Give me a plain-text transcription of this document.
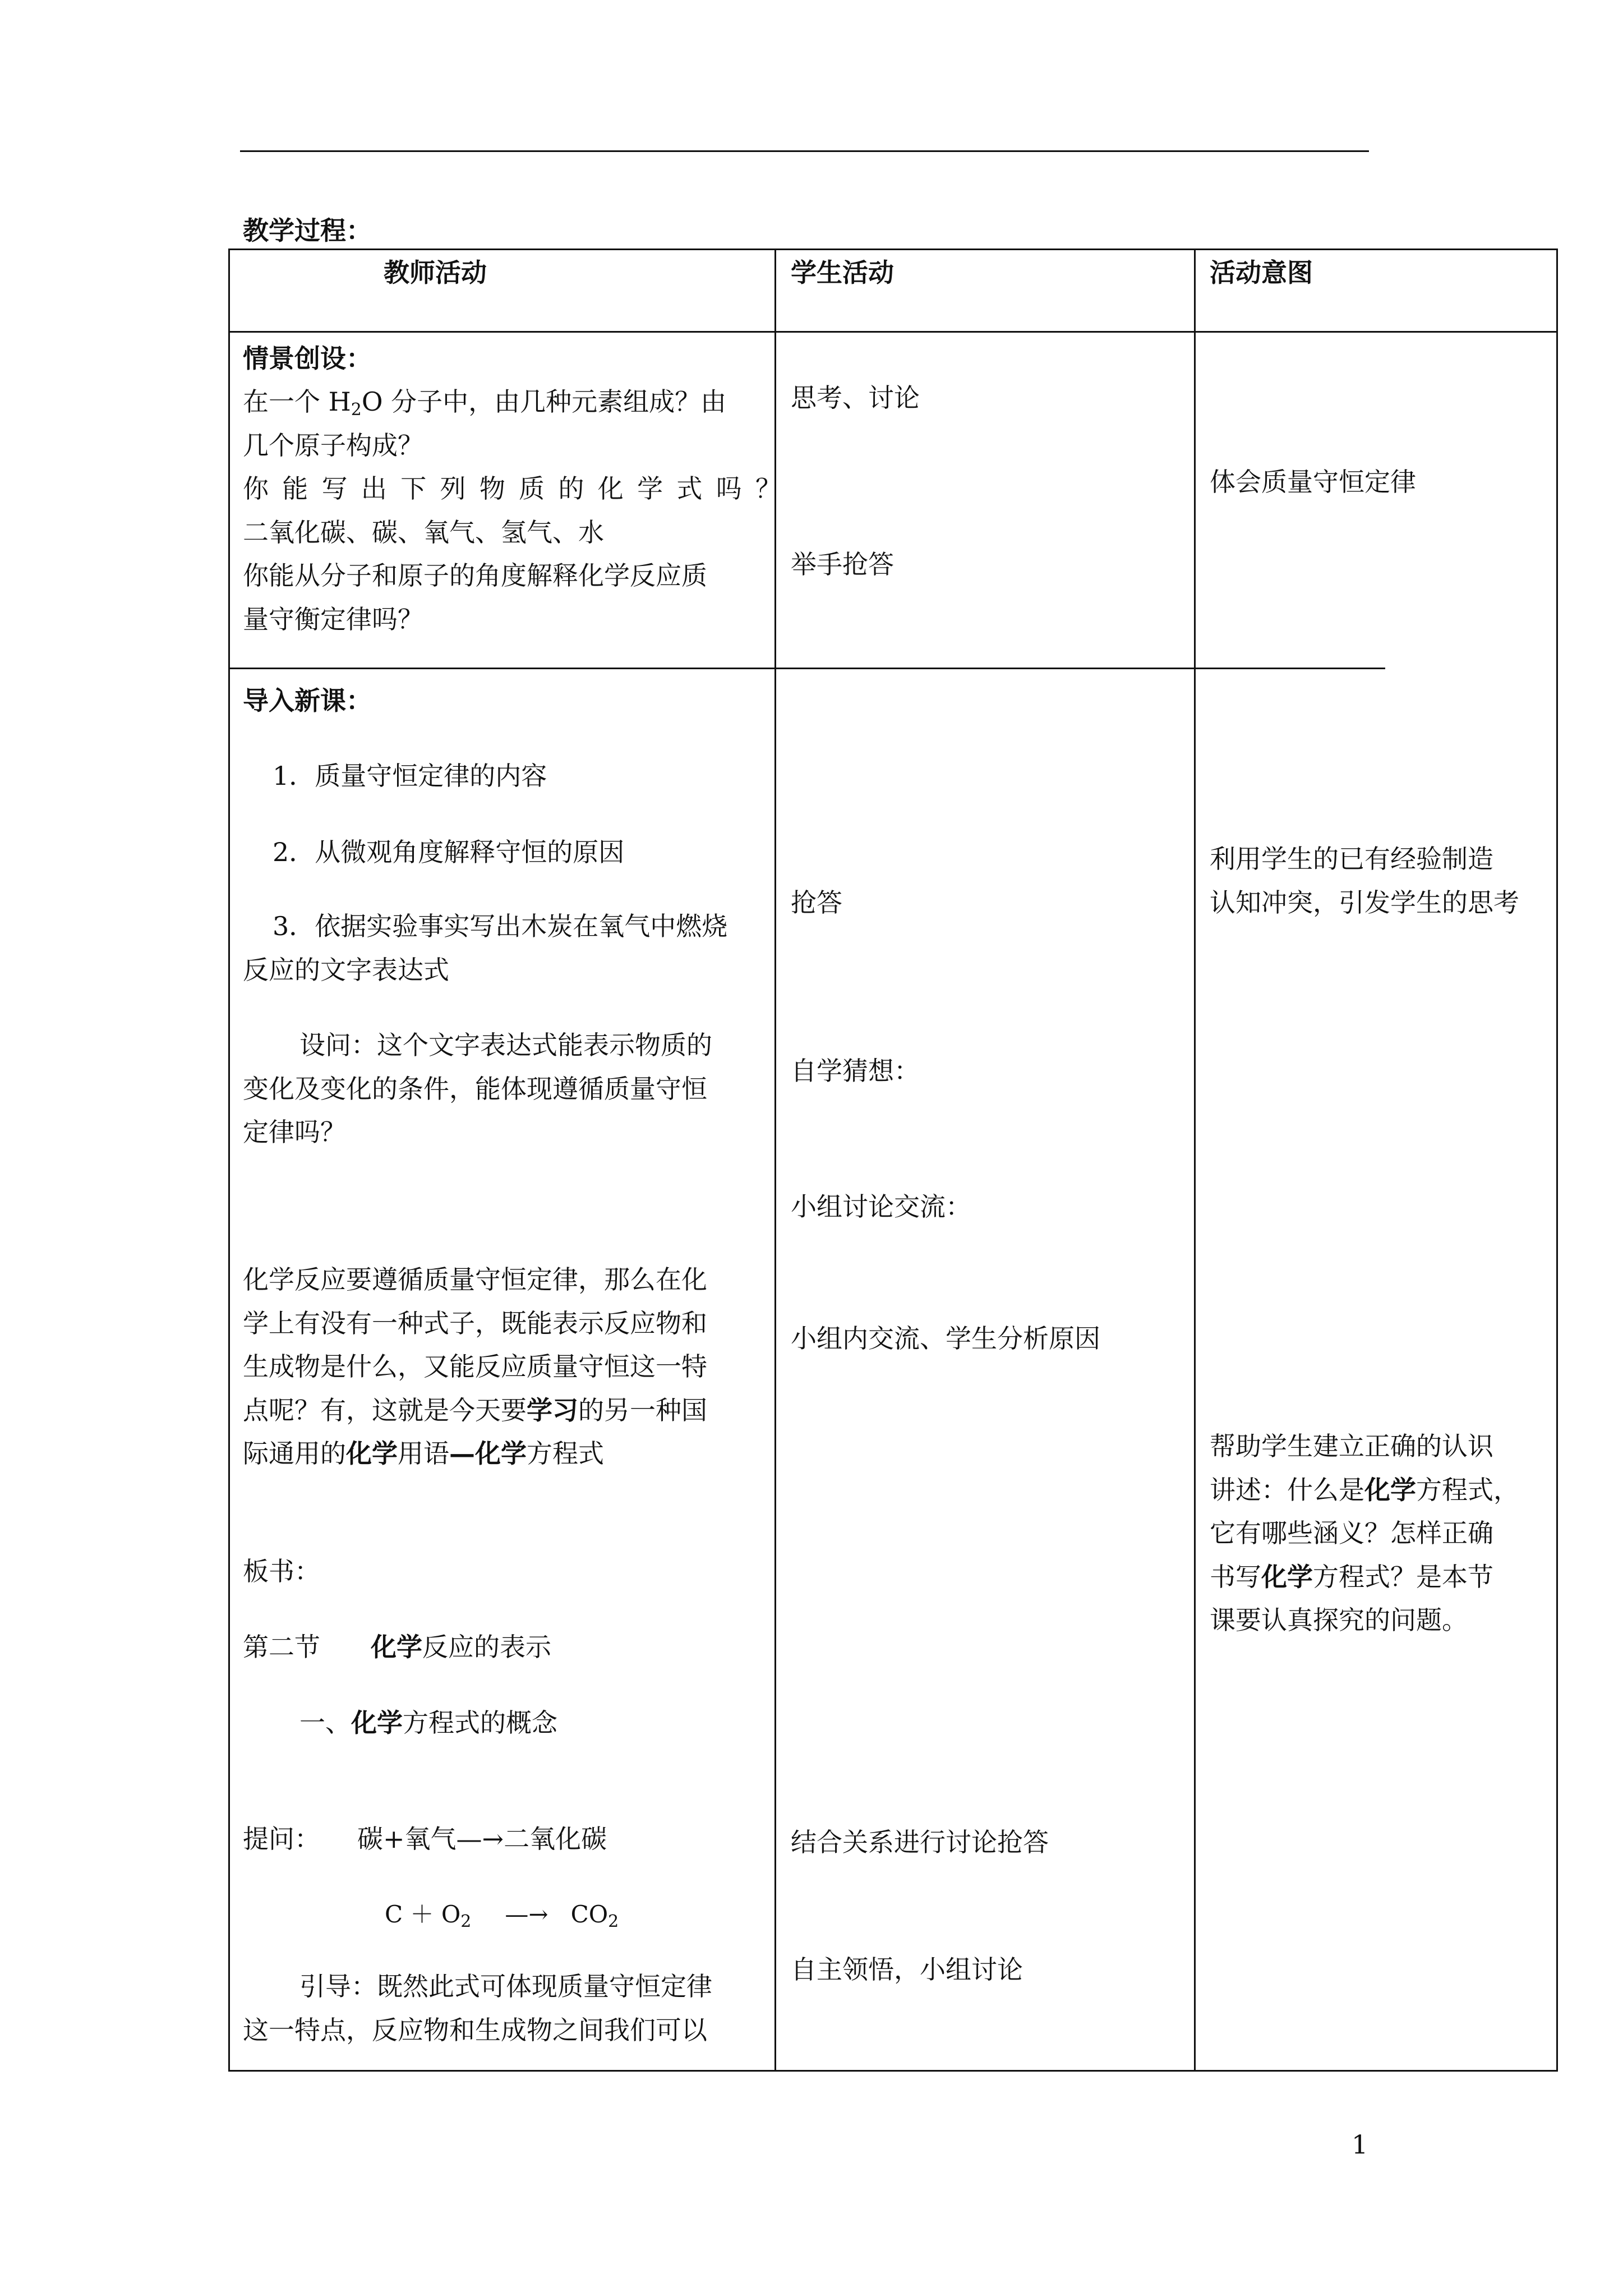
教学过程：
教师活动	学生活动	活动意图
情景创设：
在一个 $H_2O$ 分子中，由几种元素组成？由
几个原子构成？
你能写出下列物质的化学式吗？
二氧化碳、碳、氧气、氢气、水
你能从分子和原子的角度解释化学反应质
量守衡定律吗？
思考、讨论
举手抢答
体会质量守恒定律
导入新课：
1．质量守恒定律的内容
2．从微观角度解释守恒的原因
3．依据实验事实写出木炭在氧气中燃烧
反应的文字表达式
设问：这个文字表达式能表示物质的
变化及变化的条件，能体现遵循质量守恒
定律吗？
化学反应要遵循质量守恒定律，那么在化
学上有没有一种式子，既能表示反应物和
生成物是什么，又能反应质量守恒这一特
点呢？有，这就是今天要学习的另一种国
际通用的化学用语—化学方程式
板书：
第二节 化学反应的表示
一、化学方程式的概念
提问： 碳+氧气—→二氧化碳
$C + O_2$ —→ $CO_2$
引导：既然此式可体现质量守恒定律
这一特点，反应物和生成物之间我们可以
抢答
自学猜想：
小组讨论交流：
小组内交流、学生分析原因
结合关系进行讨论抢答
自主领悟，小组讨论
利用学生的已有经验制造
认知冲突，引发学生的思考
帮助学生建立正确的认识
讲述：什么是化学方程式，
它有哪些涵义？怎样正确
书写化学方程式？是本节
课要认真探究的问题。
1
